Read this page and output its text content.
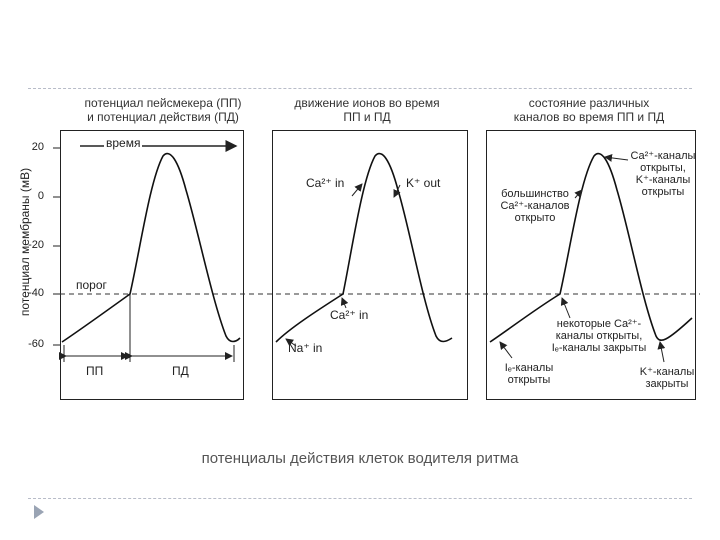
потенциал пейсмекера (ПП)
и потенциал действия (ПД)
движение ионов во время
ПП и ПД
состояние различных
каналов во время ПП и ПД
потенциал мембраны (мВ)
20
0
-20
-40
-60
время
порог
ПП	ПД
Ca²⁺ in	K⁺ out
Ca²⁺ in
Na⁺ in
Ca²⁺-каналы
открыты,
K⁺-каналы
открыты
большинство
Ca²⁺-каналов
открыто
некоторые Ca²⁺-
каналы открыты,
Iₑ-каналы закрыты
Iₑ-каналы
открыты
K⁺-каналы
закрыты
потенциалы действия клеток водителя ритма
